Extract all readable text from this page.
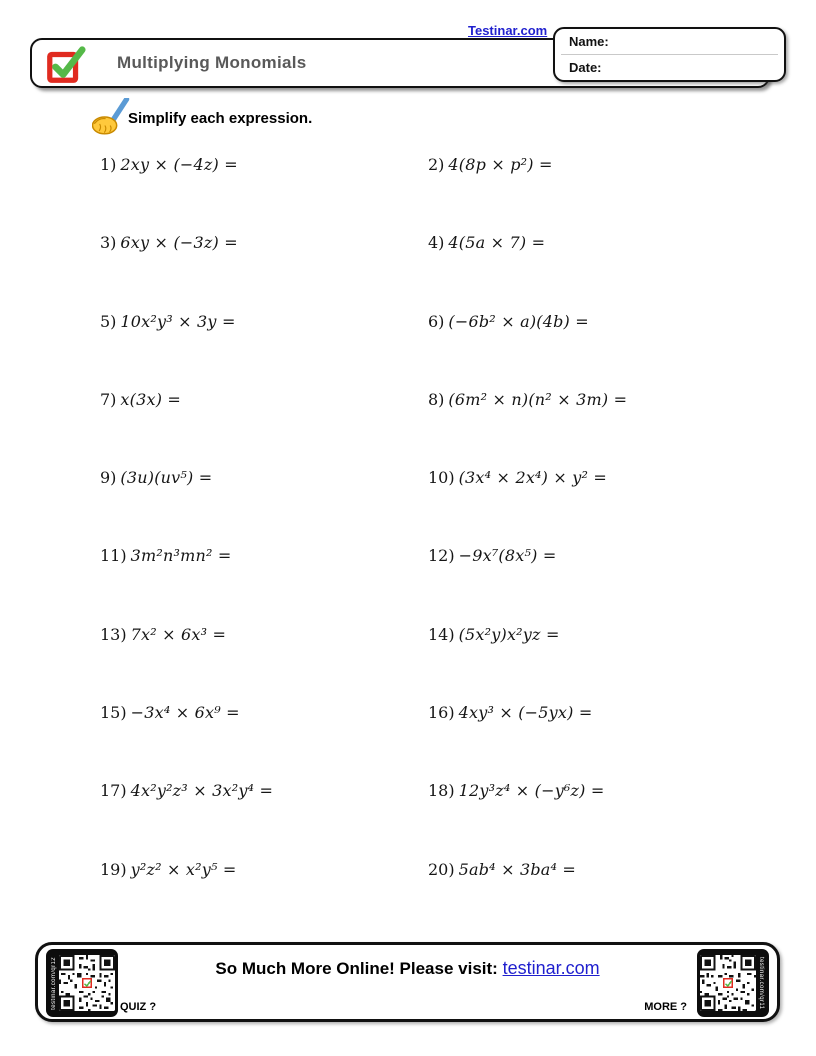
Testinar.com
Multiplying Monomials
Name:
Date:
Simplify each expression.
1) 2xy × (−4z) =	2) 4(8p × p²) =
3) 6xy × (−3z) =	4) 4(5a × 7) =
5) 10x²y³ × 3y =	6) (−6b² × a)(4b) =
7) x(3x) =	8) (6m² × n)(n² × 3m) =
9) (3u)(uv⁵) =	10) (3x⁴ × 2x⁴) × y² =
11) 3m²n³mn² =	12) −9x⁷(8x⁵) =
13) 7x² × 6x³ =	14) (5x²y)x²yz =
15) −3x⁴ × 6x⁹ =	16) 4xy³ × (−5yx) =
17) 4x²y²z³ × 3x²y⁴ =	18) 12y³z⁴ × (−y⁶z) =
19) y²z² × x²y⁵ =	20) 5ab⁴ × 3ba⁴ =
testinar.com/qr12	So Much More Online! Please visit: testinar.com
QUIZ ?	MORE ?	testinar.com/qr11
